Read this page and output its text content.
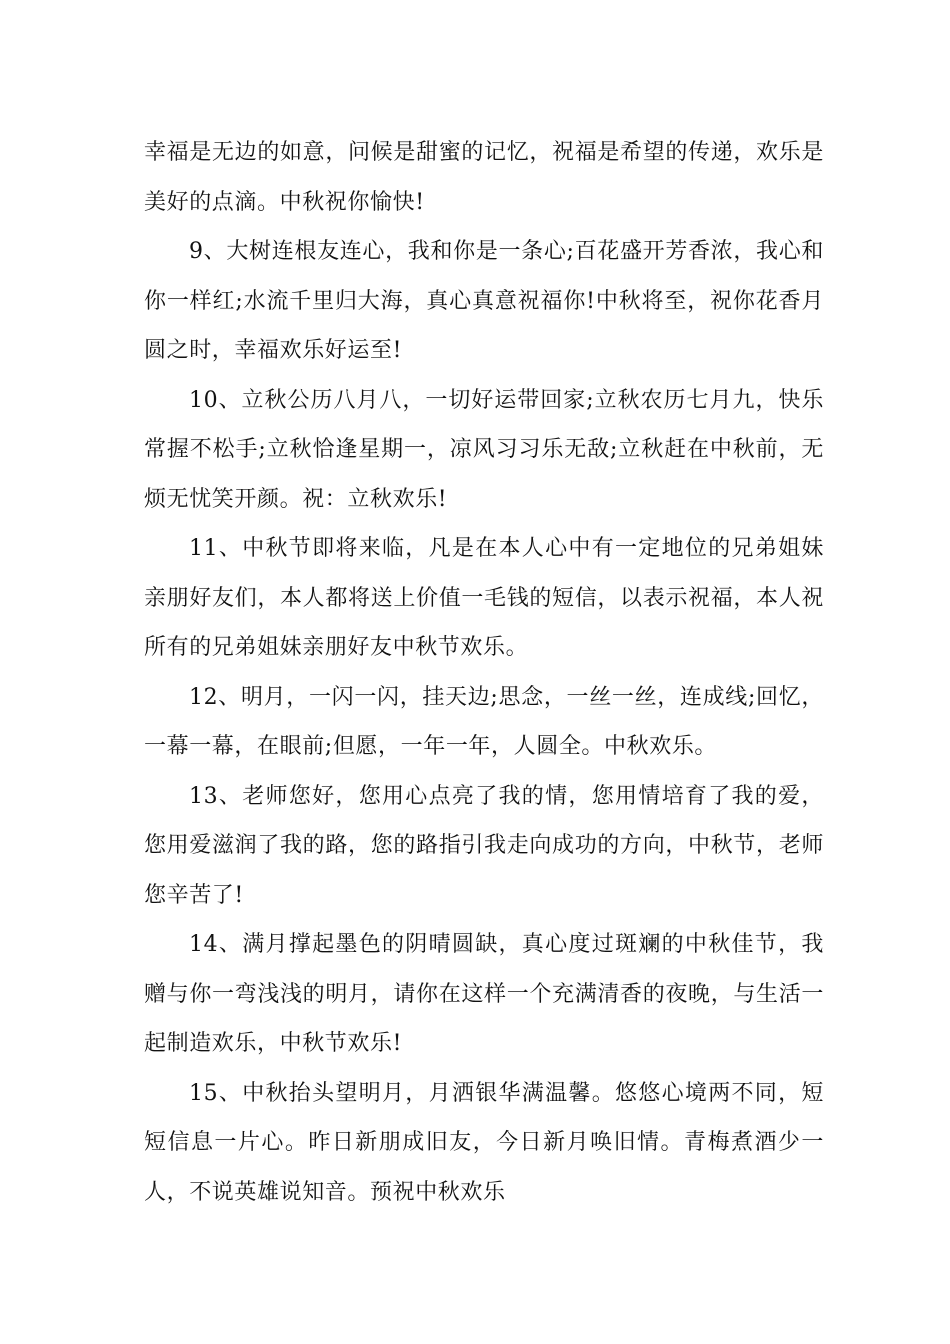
幸福是无边的如意，问候是甜蜜的记忆，祝福是希望的传递，欢乐是美好的点滴。中秋祝你愉快!

9、大树连根友连心，我和你是一条心;百花盛开芳香浓，我心和你一样红;水流千里归大海，真心真意祝福你!中秋将至，祝你花香月圆之时，幸福欢乐好运至!

10、立秋公历八月八，一切好运带回家;立秋农历七月九，快乐常握不松手;立秋恰逢星期一，凉风习习乐无敌;立秋赶在中秋前，无烦无忧笑开颜。祝：立秋欢乐!

11、中秋节即将来临，凡是在本人心中有一定地位的兄弟姐妹亲朋好友们，本人都将送上价值一毛钱的短信，以表示祝福，本人祝所有的兄弟姐妹亲朋好友中秋节欢乐。

12、明月，一闪一闪，挂天边;思念，一丝一丝，连成线;回忆，一幕一幕，在眼前;但愿，一年一年，人圆全。中秋欢乐。

13、老师您好，您用心点亮了我的情，您用情培育了我的爱，您用爱滋润了我的路，您的路指引我走向成功的方向，中秋节，老师您辛苦了!

14、满月撑起墨色的阴晴圆缺，真心度过斑斓的中秋佳节，我赠与你一弯浅浅的明月，请你在这样一个充满清香的夜晚，与生活一起制造欢乐，中秋节欢乐!

15、中秋抬头望明月，月洒银华满温馨。悠悠心境两不同，短短信息一片心。昨日新朋成旧友，今日新月唤旧情。青梅煮酒少一人，不说英雄说知音。预祝中秋欢乐
